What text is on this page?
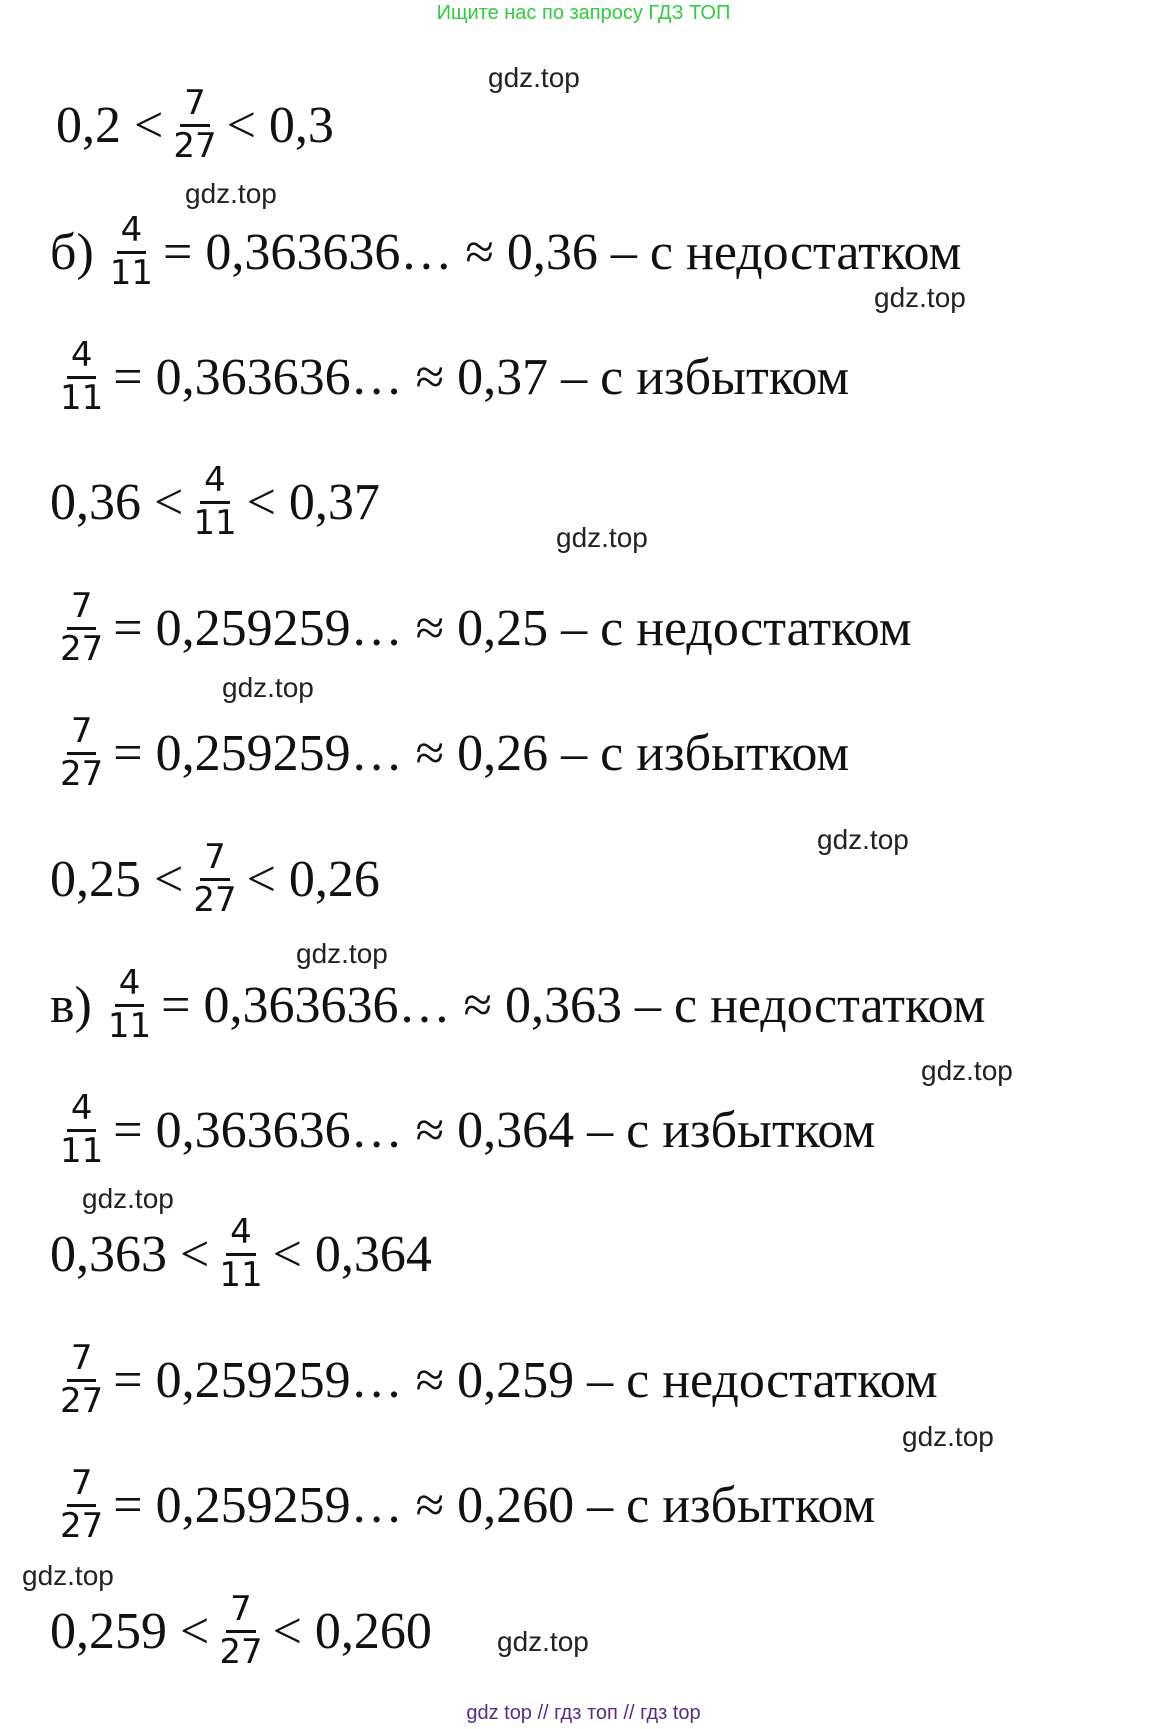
Ищите нас по запросу ГДЗ ТОП
$0,2 < \frac{7}{27} < 0,3$
$б) \frac{4}{11}$ = 0,363636… ≈ 0,36 – с недостатком
$\frac{4}{11}$ = 0,363636… ≈ 0,37 – с избытком
$0,36 < \frac{4}{11} < 0,37$
$\frac{7}{27}$ = 0,259259… ≈ 0,25 – с недостатком
$\frac{7}{27}$ = 0,259259… ≈ 0,26 – с избытком
$0,25 < \frac{7}{27} < 0,26$
$в) \frac{4}{11}$ = 0,363636… ≈ 0,363 – с недостатком
$\frac{4}{11}$ = 0,363636… ≈ 0,364 – с избытком
$0,363 < \frac{4}{11} < 0,364$
$\frac{7}{27}$ = 0,259259… ≈ 0,259 – с недостатком
$\frac{7}{27}$ = 0,259259… ≈ 0,260 – с избытком
$0,259 < \frac{7}{27} < 0,260$
gdz.top
gdz.top
gdz.top
gdz.top
gdz.top
gdz.top
gdz.top
gdz.top
gdz.top
gdz.top
gdz.top
gdz.top
gdz top // гдз топ // гдз top
